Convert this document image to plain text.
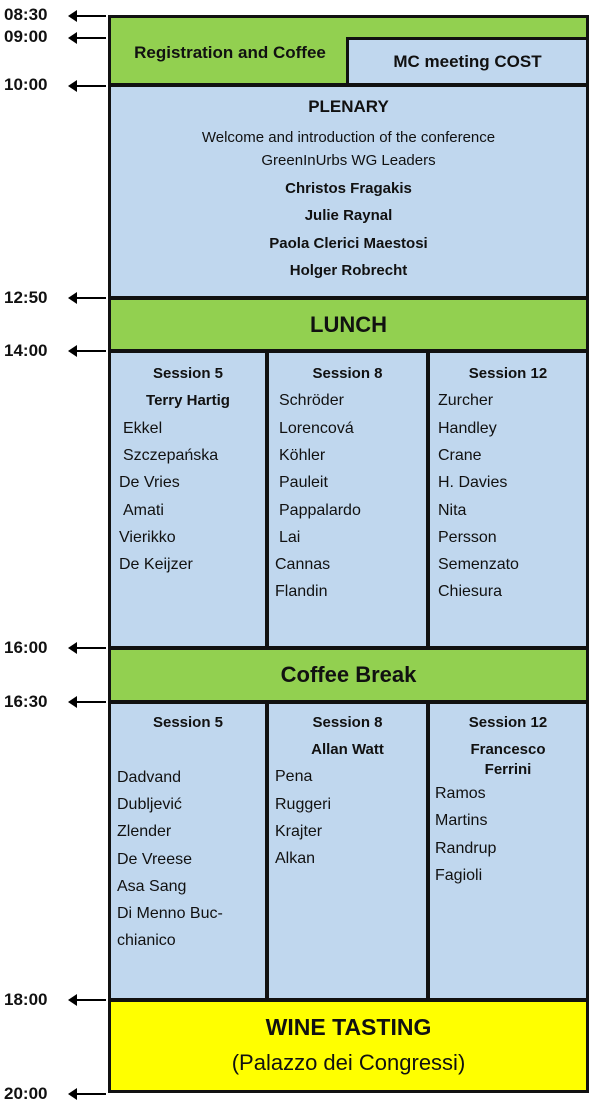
08:30
09:00
10:00
12:50
14:00
16:00
16:30
18:00
20:00
Registration and Coffee	MC meeting COST
PLENARY
Welcome and introduction of the conference
GreenInUrbs WG Leaders
Christos Fragakis
Julie Raynal
Paola Clerici Maestosi
Holger Robrecht
LUNCH
Session 5
Terry Hartig
Ekkel
Szczepańska
De Vries
Amati
Vierikko
De Keijzer
Session 8
Schröder
Lorencová
Köhler
Pauleit
Pappalardo
Lai
Cannas
Flandin
Session 12
Zurcher
Handley
Crane
H. Davies
Nita
Persson
Semenzato
Chiesura
Coffee Break
Session 5
Dadvand
Dubljević
Zlender
De Vreese
Asa Sang
Di Menno Buc-
chianico
Session 8
Allan Watt
Pena
Ruggeri
Krajter
Alkan
Session 12
Francesco
Ferrini
Ramos
Martins
Randrup
Fagioli
WINE TASTING
(Palazzo dei Congressi)
